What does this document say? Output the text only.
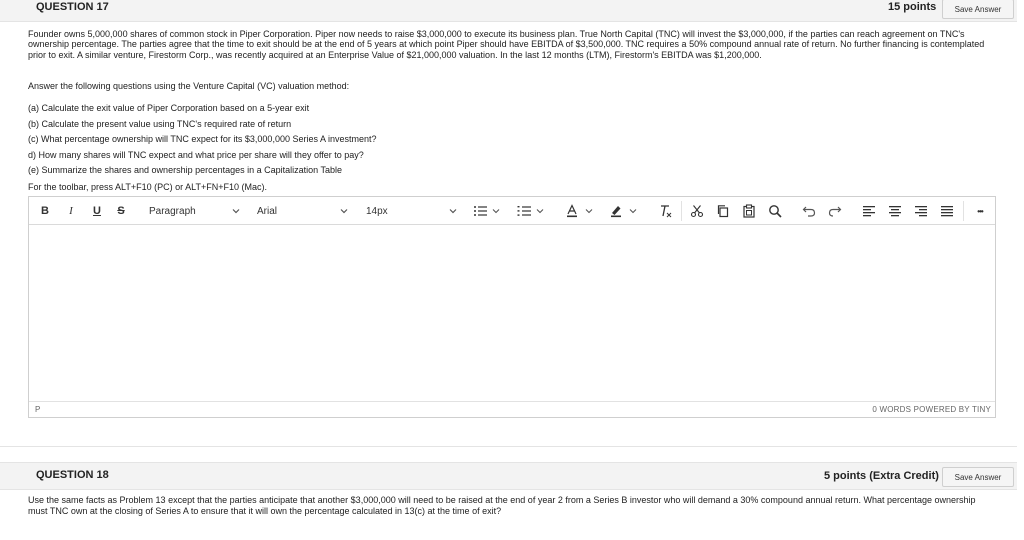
QUESTION 17	15 points	Save Answer
Founder owns 5,000,000 shares of common stock in Piper Corporation. Piper now needs to raise $3,000,000 to execute its business plan. True North Capital (TNC) will invest the $3,000,000, if the parties can reach agreement on TNC's ownership percentage. The parties agree that the time to exit should be at the end of 5 years at which point Piper should have EBITDA of $3,500,000. TNC requires a 50% compound annual rate of return. No further financing is contemplated prior to exit. A similar venture, Firestorm Corp., was recently acquired at an Enterprise Value of $21,000,000 valuation. In the last 12 months (LTM), Firestorm's EBITDA was $1,200,000.
Answer the following questions using the Venture Capital (VC) valuation method:
(a) Calculate the exit value of Piper Corporation based on a 5-year exit
(b) Calculate the present value using TNC's required rate of return
(c) What percentage ownership will TNC expect for its $3,000,000 Series A investment?
d) How many shares will TNC expect and what price per share will they offer to pay?
(e) Summarize the shares and ownership percentages in a Capitalization Table
For the toolbar, press ALT+F10 (PC) or ALT+FN+F10 (Mac).
B	I	U	S	Paragraph	Arial	14px	•••
P	0 WORDS POWERED BY TINY
QUESTION 18	5 points (Extra Credit)	Save Answer
Use the same facts as Problem 13 except that the parties anticipate that another $3,000,000 will need to be raised at the end of year 2 from a Series B investor who will demand a 30% compound annual return. What percentage ownership must TNC own at the closing of Series A to ensure that it will own the percentage calculated in 13(c) at the time of exit?
